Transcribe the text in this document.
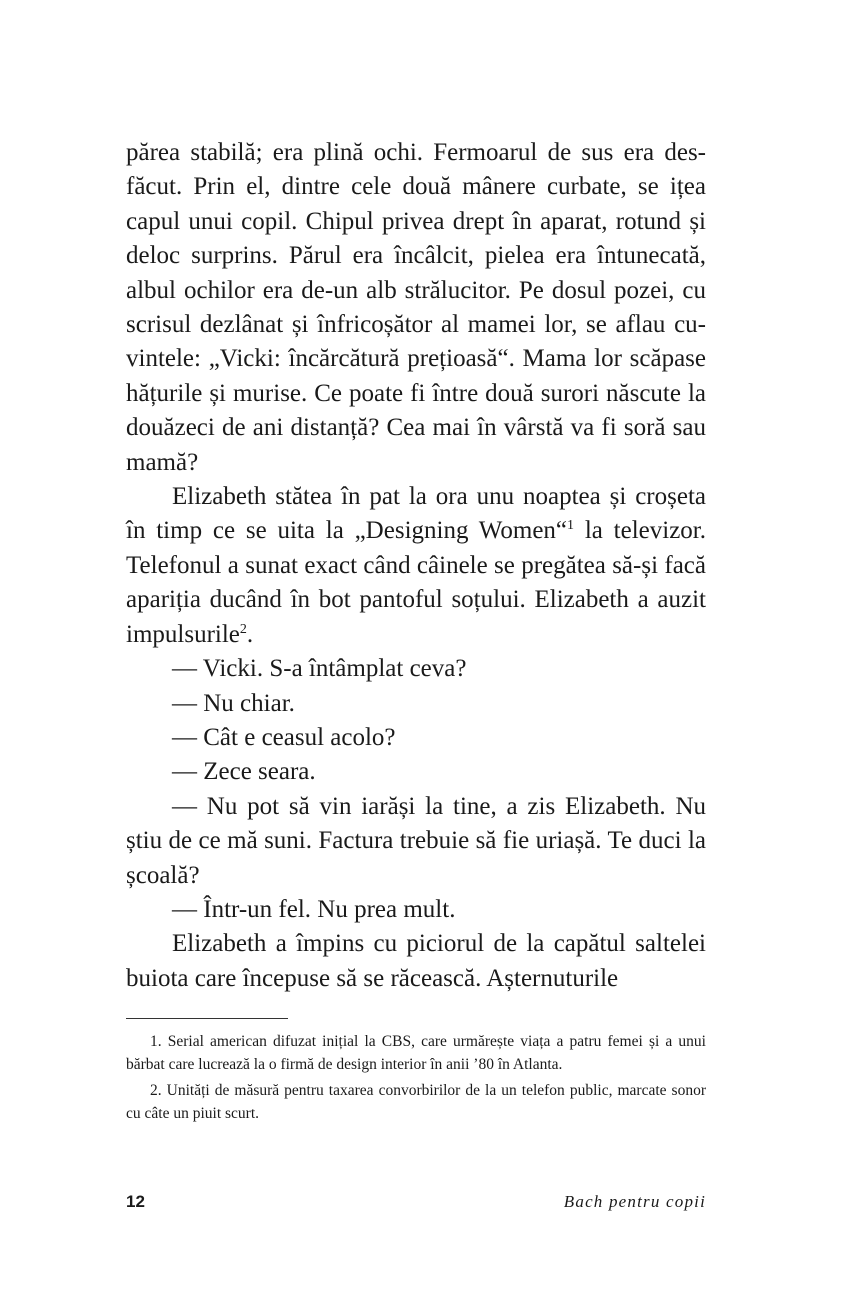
părea stabilă; era plină ochi. Fermoarul de sus era desfăcut. Prin el, dintre cele două mânere curbate, se ițea capul unui copil. Chipul privea drept în aparat, rotund și deloc surprins. Părul era încâlcit, pielea era întunecată, albul ochilor era de-un alb strălucitor. Pe dosul pozei, cu scrisul dezlânat și înfricoșător al mamei lor, se aflau cuvintele: „Vicki: încărcătură prețioasă“. Mama lor scăpase hățurile și murise. Ce poate fi între două surori născute la douăzeci de ani distanță? Cea mai în vârstă va fi soră sau mamă?

Elizabeth stătea în pat la ora unu noaptea și croșeta în timp ce se uita la „Designing Women“$^1$ la televizor. Telefonul a sunat exact când câinele se pregătea să-și facă apariția ducând în bot pantoful soțului. Elizabeth a auzit impulsurile$^2$.

— Vicki. S-a întâmplat ceva?

— Nu chiar.

— Cât e ceasul acolo?

— Zece seara.

— Nu pot să vin iarăși la tine, a zis Elizabeth. Nu știu de ce mă suni. Factura trebuie să fie uriașă. Te duci la școală?

— Într-un fel. Nu prea mult.

Elizabeth a împins cu piciorul de la capătul saltelei buiota care începuse să se răcească. Așternuturile

1. Serial american difuzat inițial la CBS, care urmărește viața a patru femei și a unui bărbat care lucrează la o firmă de design interior în anii ’80 în Atlanta.

2. Unități de măsură pentru taxarea convorbirilor de la un telefon public, marcate sonor cu câte un piuit scurt.

12	Bach pentru copii
